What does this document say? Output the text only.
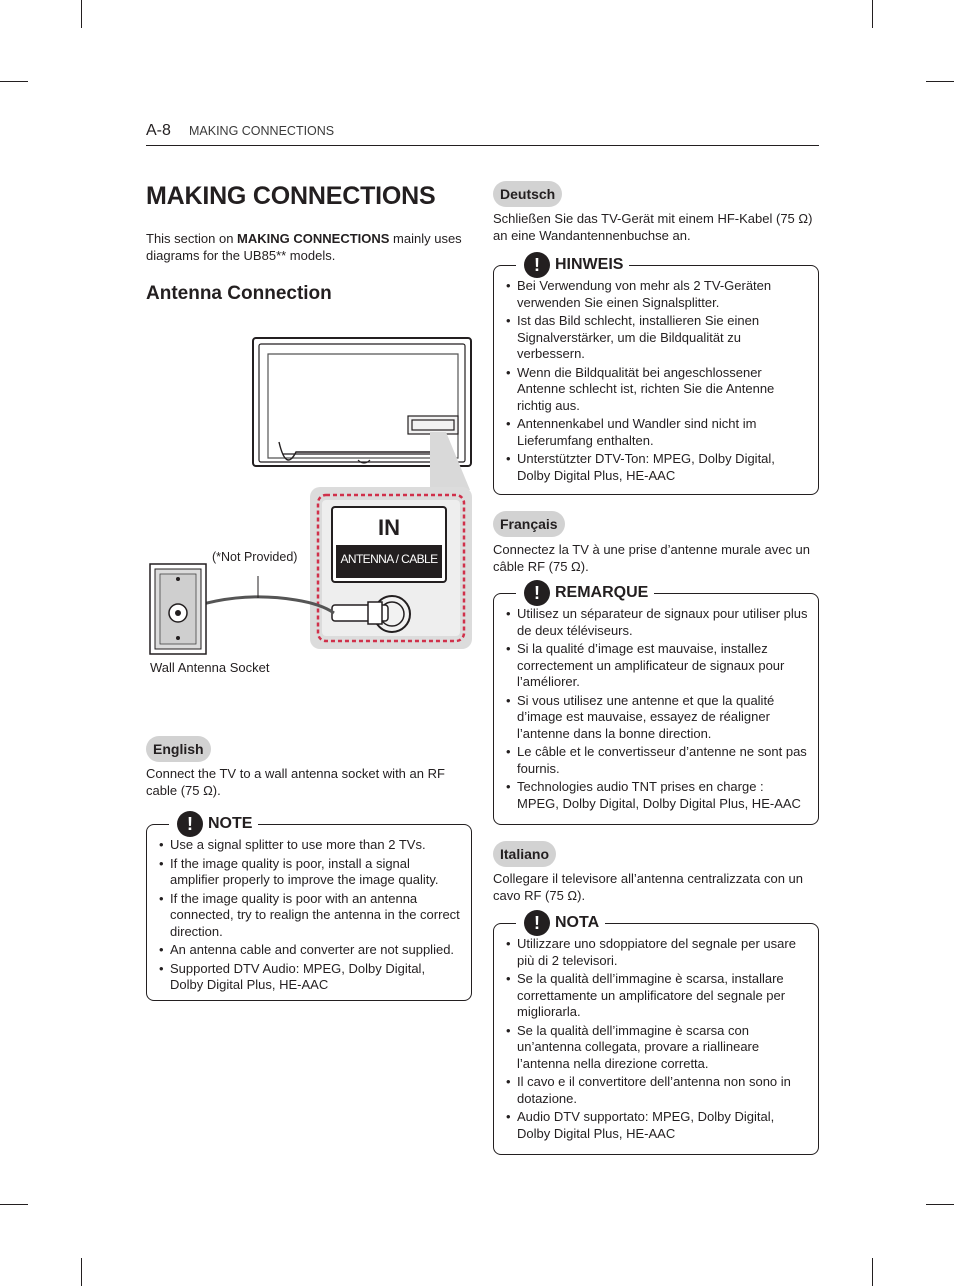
A-8 MAKING CONNECTIONS
MAKING CONNECTIONS
This section on MAKING CONNECTIONS mainly uses diagrams for the UB85** models.
Antenna Connection
IN
ANTENNA / CABLE
(*Not Provided)
Wall Antenna Socket
English
Connect the TV to a wall antenna socket with an RF cable (75 Ω).
! NOTE
• Use a signal splitter to use more than 2 TVs.
• If the image quality is poor, install a signal amplifier properly to improve the image quality.
• If the image quality is poor with an antenna connected, try to realign the antenna in the correct direction.
• An antenna cable and converter are not supplied.
• Supported DTV Audio: MPEG, Dolby Digital, Dolby Digital Plus, HE-AAC
Deutsch
Schließen Sie das TV-Gerät mit einem HF-Kabel (75 Ω) an eine Wandantennenbuchse an.
! HINWEIS
• Bei Verwendung von mehr als 2 TV-Geräten verwenden Sie einen Signalsplitter.
• Ist das Bild schlecht, installieren Sie einen Signalverstärker, um die Bildqualität zu verbessern.
• Wenn die Bildqualität bei angeschlossener Antenne schlecht ist, richten Sie die Antenne richtig aus.
• Antennenkabel und Wandler sind nicht im Lieferumfang enthalten.
• Unterstützter DTV-Ton: MPEG, Dolby Digital, Dolby Digital Plus, HE-AAC
Français
Connectez la TV à une prise d’antenne murale avec un câble RF (75 Ω).
! REMARQUE
• Utilisez un séparateur de signaux pour utiliser plus de deux téléviseurs.
• Si la qualité d’image est mauvaise, installez correctement un amplificateur de signaux pour l’améliorer.
• Si vous utilisez une antenne et que la qualité d’image est mauvaise, essayez de réaligner l’antenne dans la bonne direction.
• Le câble et le convertisseur d’antenne ne sont pas fournis.
• Technologies audio TNT prises en charge : MPEG, Dolby Digital, Dolby Digital Plus, HE-AAC
Italiano
Collegare il televisore all’antenna centralizzata con un cavo RF (75 Ω).
! NOTA
• Utilizzare uno sdoppiatore del segnale per usare più di 2 televisori.
• Se la qualità dell’immagine è scarsa, installare correttamente un amplificatore del segnale per migliorarla.
• Se la qualità dell’immagine è scarsa con un’antenna collegata, provare a riallineare l’antenna nella direzione corretta.
• Il cavo e il convertitore dell’antenna non sono in dotazione.
• Audio DTV supportato: MPEG, Dolby Digital, Dolby Digital Plus, HE-AAC
